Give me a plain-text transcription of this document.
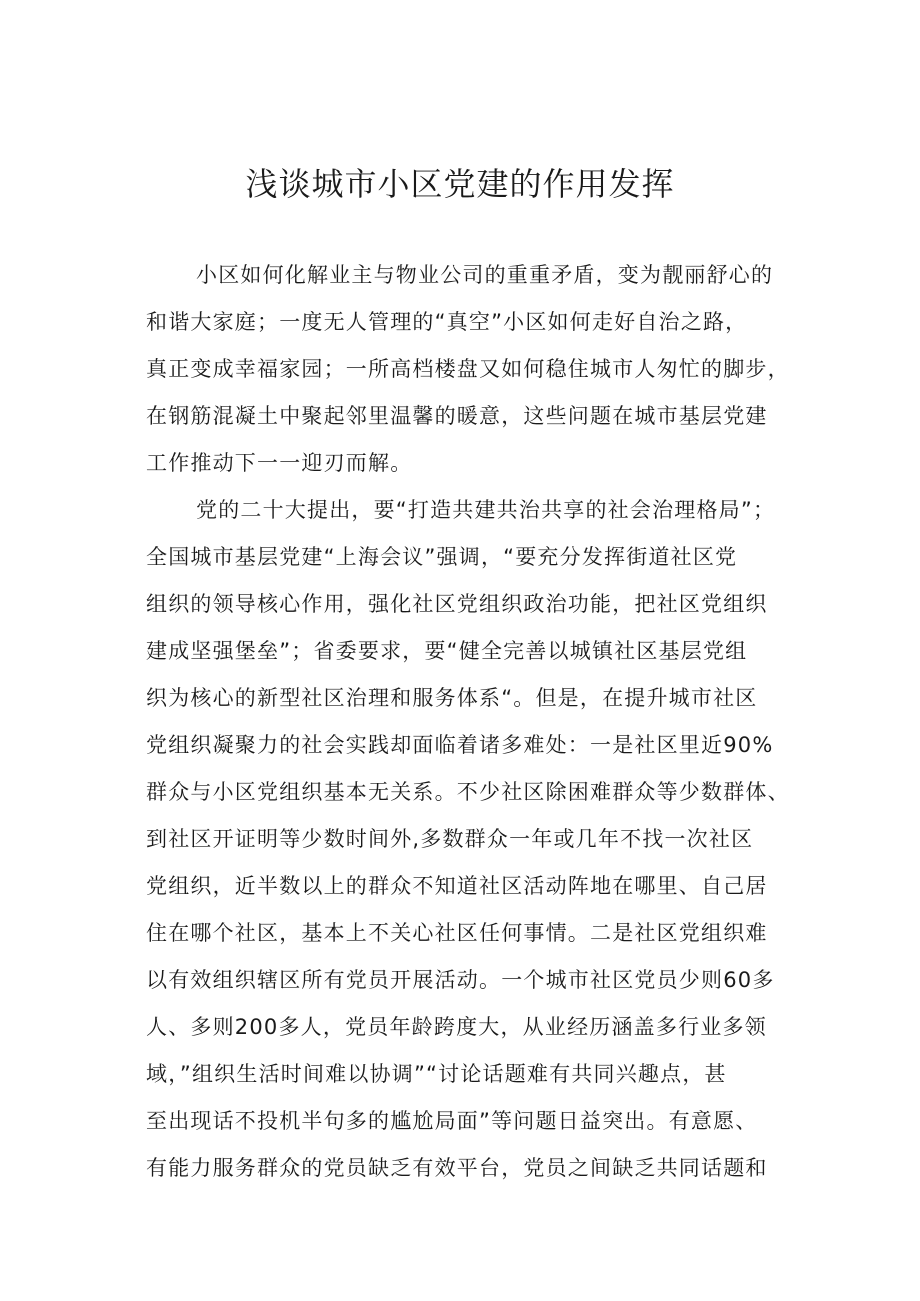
浅谈城市小区党建的作用发挥
小区如何化解业主与物业公司的重重矛盾，变为靓丽舒心的
和谐大家庭；一度无人管理的“真空”小区如何走好自治之路，
真正变成幸福家园；一所高档楼盘又如何稳住城市人匆忙的脚步，
在钢筋混凝土中聚起邻里温馨的暖意，这些问题在城市基层党建
工作推动下一一迎刃而解。
党的二十大提出，要“打造共建共治共享的社会治理格局”；
全国城市基层党建“上海会议”强调，“要充分发挥街道社区党
组织的领导核心作用，强化社区党组织政治功能，把社区党组织
建成坚强堡垒”；省委要求，要“健全完善以城镇社区基层党组
织为核心的新型社区治理和服务体系“。但是，在提升城市社区
党组织凝聚力的社会实践却面临着诸多难处：一是社区里近90%
群众与小区党组织基本无关系。不少社区除困难群众等少数群体、
到社区开证明等少数时间外,多数群众一年或几年不找一次社区
党组织，近半数以上的群众不知道社区活动阵地在哪里、自己居
住在哪个社区，基本上不关心社区任何事情。二是社区党组织难
以有效组织辖区所有党员开展活动。一个城市社区党员少则60多
人、多则200多人，党员年龄跨度大，从业经历涵盖多行业多领
域，”组织生活时间难以协调”“讨论话题难有共同兴趣点，甚
至出现话不投机半句多的尴尬局面”等问题日益突出。有意愿、
有能力服务群众的党员缺乏有效平台，党员之间缺乏共同话题和
